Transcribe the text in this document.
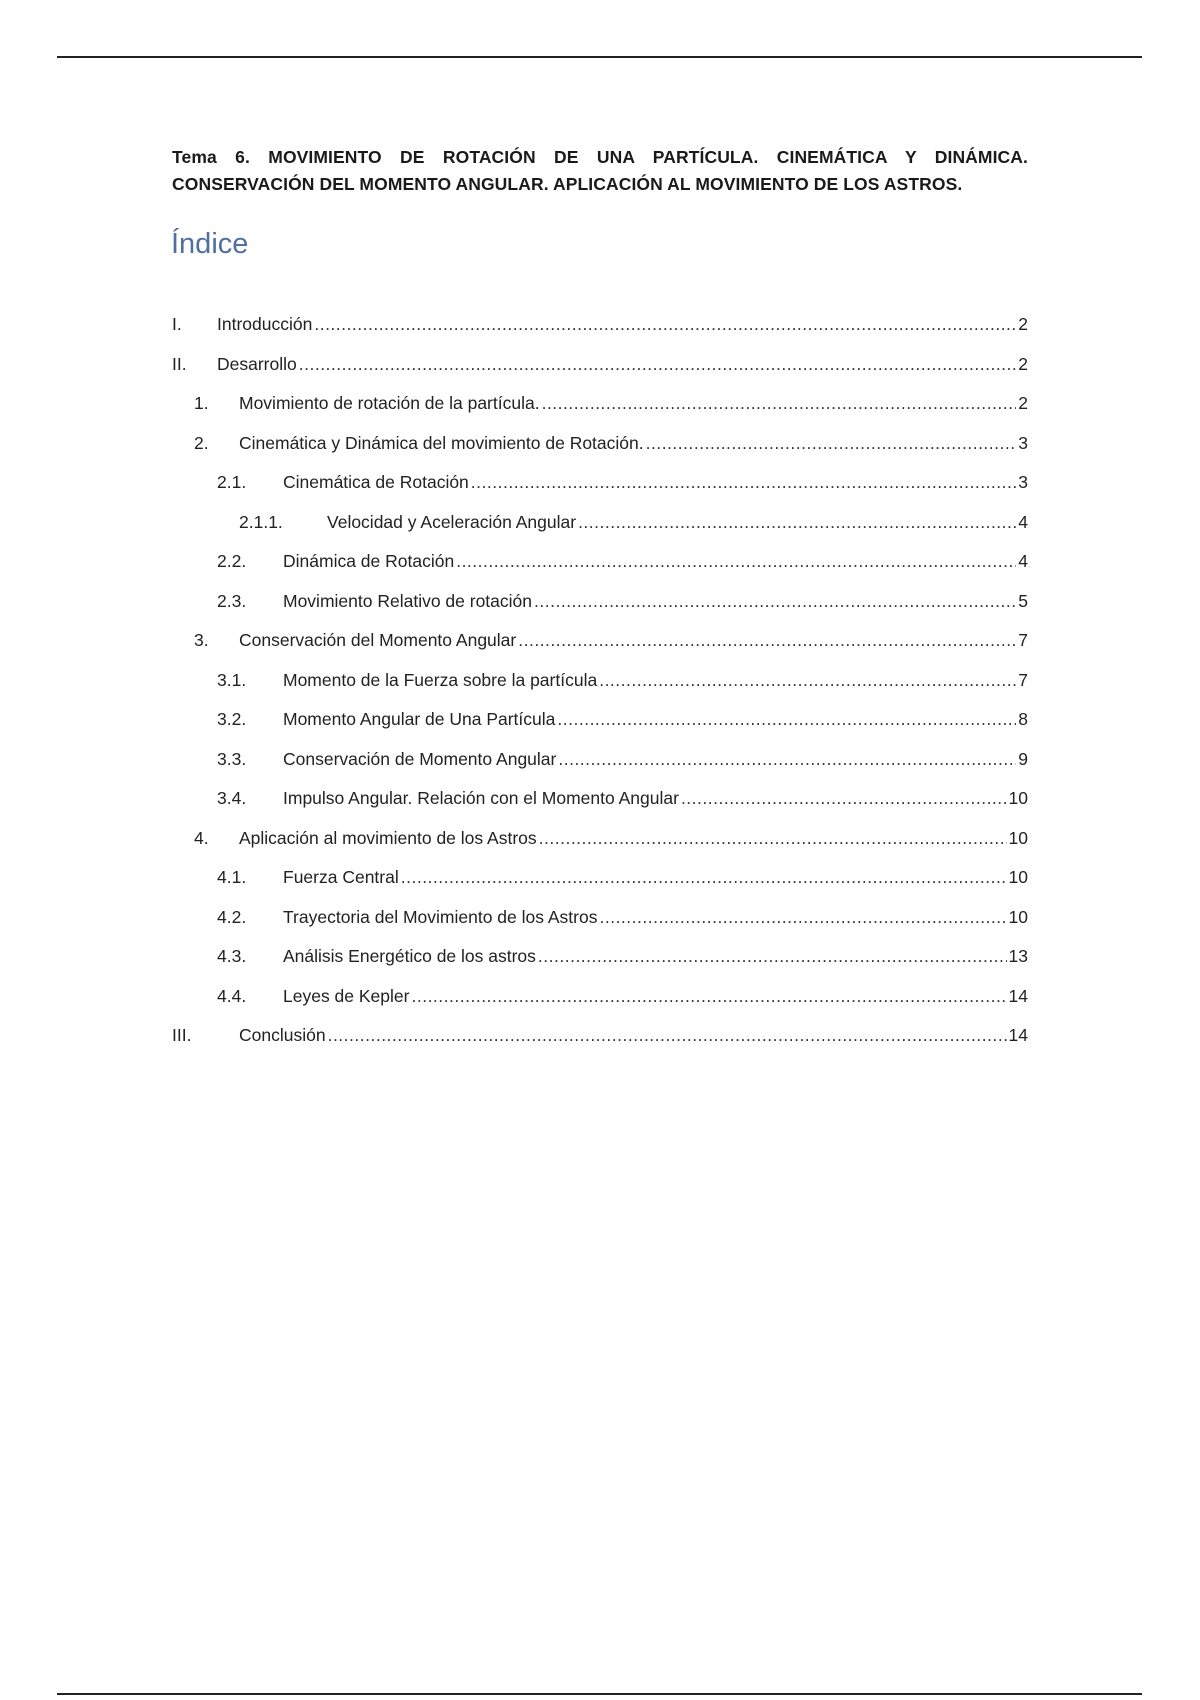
Tema 6. MOVIMIENTO DE ROTACIÓN DE UNA PARTÍCULA. CINEMÁTICA Y DINÁMICA. CONSERVACIÓN DEL MOMENTO ANGULAR. APLICACIÓN AL MOVIMIENTO DE LOS ASTROS.
Índice
I.	Introducción .....	2
II.	Desarrollo .....	2
1.	Movimiento de rotación de la partícula. .....	2
2.	Cinemática y Dinámica del movimiento de Rotación. .....	3
2.1.	Cinemática de Rotación .....	3
2.1.1.	Velocidad y Aceleración Angular .....	4
2.2.	Dinámica de Rotación .....	4
2.3.	Movimiento Relativo de rotación .....	5
3.	Conservación del Momento Angular .....	7
3.1.	Momento de la Fuerza sobre la partícula .....	7
3.2.	Momento Angular de Una Partícula .....	8
3.3.	Conservación de Momento Angular .....	9
3.4.	Impulso Angular. Relación con el Momento Angular .....	10
4.	Aplicación al movimiento de los Astros .....	10
4.1.	Fuerza Central .....	10
4.2.	Trayectoria del Movimiento de los Astros .....	10
4.3.	Análisis Energético de los astros .....	13
4.4.	Leyes de Kepler .....	14
III.	Conclusión .....	14
